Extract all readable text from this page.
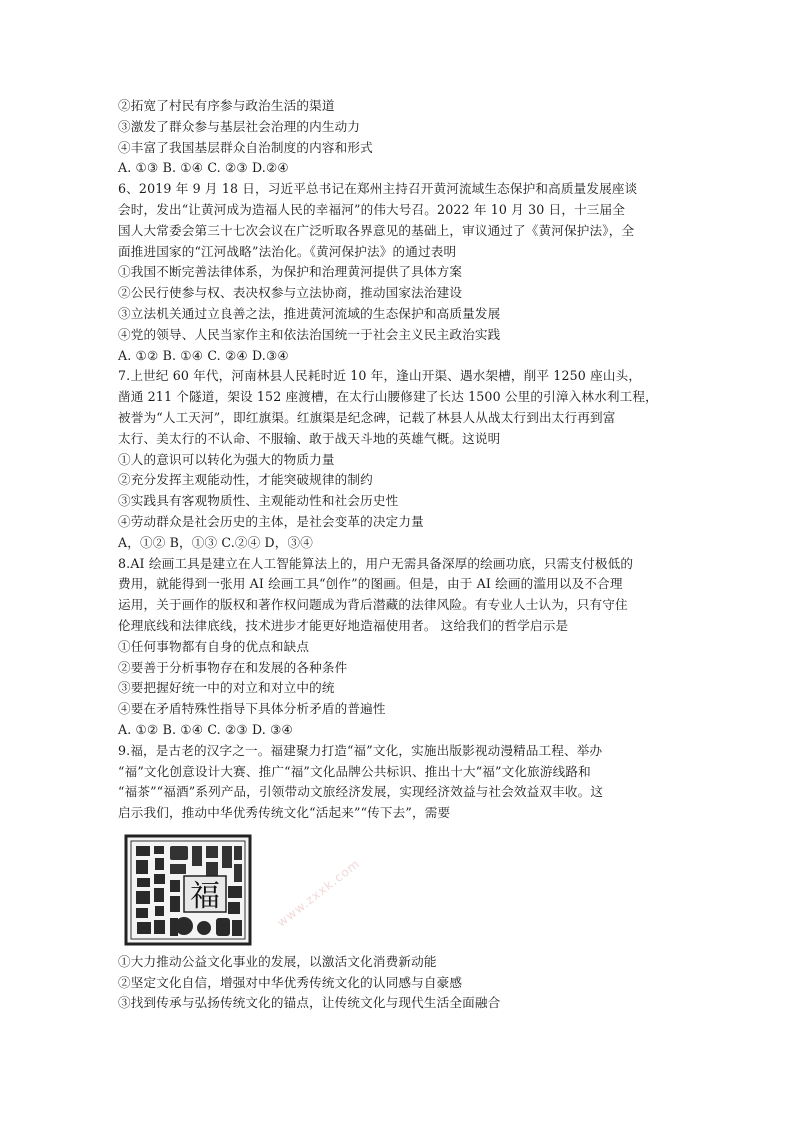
②拓宽了村民有序参与政治生活的渠道
③激发了群众参与基层社会治理的内生动力
④丰富了我国基层群众自治制度的内容和形式
A. ①③ B. ①④ C. ②③ D.②④
6、2019 年 9 月 18 日，习近平总书记在郑州主持召开黄河流域生态保护和高质量发展座谈
会时，发出“让黄河成为造福人民的幸福河”的伟大号召。2022 年 10 月 30 日，十三届全
国人大常委会第三十七次会议在广泛听取各界意见的基础上，审议通过了《黄河保护法》，全
面推进国家的“江河战略”法治化。《黄河保护法》的通过表明
①我国不断完善法律体系，为保护和治理黄河提供了具体方案
②公民行使参与权、表决权参与立法协商，推动国家法治建设
③立法机关通过立良善之法，推进黄河流域的生态保护和高质量发展
④党的领导、人民当家作主和依法治国统一于社会主义民主政治实践
A. ①② B. ①④ C. ②④ D.③④
7.上世纪 60 年代，河南林县人民耗时近 10 年，逢山开渠、遇水架槽，削平 1250 座山头，
凿通 211 个隧道，架设 152 座渡槽，在太行山腰修建了长达 1500 公里的引漳入林水利工程，
被誉为“人工天河”，即红旗渠。红旗渠是纪念碑，记载了林县人从战太行到出太行再到富
太行、美太行的不认命、不服输、敢于战天斗地的英雄气概。这说明
①人的意识可以转化为强大的物质力量
②充分发挥主观能动性，才能突破规律的制约
③实践具有客观物质性、主观能动性和社会历史性
④劳动群众是社会历史的主体，是社会变革的决定力量
A，①② B，①③ C.②④ D，③④
8.AI 绘画工具是建立在人工智能算法上的，用户无需具备深厚的绘画功底，只需支付极低的
费用，就能得到一张用 AI 绘画工具“创作”的图画。但是，由于 AI 绘画的滥用以及不合理
运用，关于画作的版权和著作权问题成为背后潜藏的法律风险。有专业人士认为，只有守住
伦理底线和法律底线，技术进步才能更好地造福使用者。 这给我们的哲学启示是
①任何事物都有自身的优点和缺点
②要善于分析事物存在和发展的各种条件
③要把握好统一中的对立和对立中的统
④要在矛盾特殊性指导下具体分析矛盾的普遍性
A. ①② B. ①④ C. ②③ D. ③④
9.福，是古老的汉字之一。福建聚力打造“福”文化，实施出版影视动漫精品工程、举办
“福”文化创意设计大赛、推广“福”文化品牌公共标识、推出十大“福”文化旅游线路和
“福茶”“福酒”系列产品，引领带动文旅经济发展，实现经济效益与社会效益双丰收。这
启示我们，推动中华优秀传统文化“活起来”“传下去”，需要
福	www.zxxk.com
①大力推动公益文化事业的发展，以激活文化消费新动能
②坚定文化自信，增强对中华优秀传统文化的认同感与自豪感
③找到传承与弘扬传统文化的锚点，让传统文化与现代生活全面融合
